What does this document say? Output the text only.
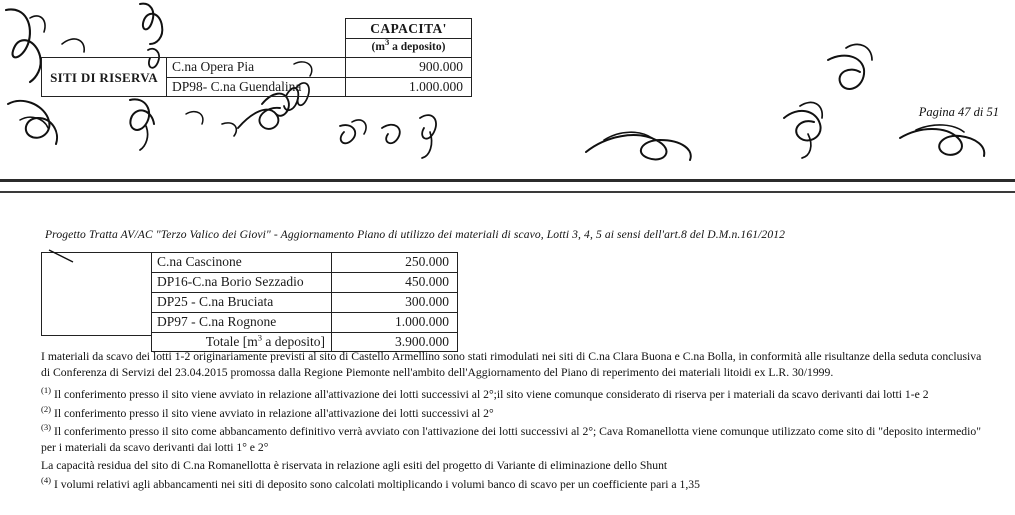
		CAPACITA'
		($m^3$ a deposito)
SITI DI RISERVA	C.na Opera Pia	900.000
	DP98- C.na Guendalina	1.000.000
Pagina 47 di 51
Progetto Tratta AV/AC "Terzo Valico dei Giovi" - Aggiornamento Piano di utilizzo dei materiali di scavo, Lotti 3, 4, 5 ai sensi dell'art.8 del D.M.n.161/2012
C.na Cascinone	250.000
DP16-C.na Borio Sezzadio	450.000
DP25 - C.na Bruciata	300.000
DP97 - C.na Rognone	1.000.000
Totale [$m^3$ a deposito]	3.900.000

I materiali da scavo dei lotti 1-2 originariamente previsti al sito di Castello Armellino sono stati rimodulati nei siti di C.na Clara Buona e C.na Bolla, in conformità alle risultanze della seduta conclusiva di Conferenza di Servizi del 23.04.2015 promossa dalla Regione Piemonte nell'ambito dell'Aggiornamento del Piano di reperimento dei materiali litoidi ex L.R. 30/1999.

$^{(1)}$ Il conferimento presso il sito viene avviato in relazione all'attivazione dei lotti successivi al 2°;il sito viene comunque considerato di riserva per i materiali da scavo derivanti dai lotti 1-e 2

$^{(2)}$ Il conferimento presso il sito viene avviato in relazione all'attivazione dei lotti successivi al 2°

$^{(3)}$ Il conferimento presso il sito come abbancamento definitivo verrà avviato con l'attivazione dei lotti successivi al 2°; Cava Romanellotta viene comunque utilizzato come sito di "deposito intermedio" per i materiali da scavo derivanti dai lotti 1° e 2°

La capacità residua del sito di C.na Romanellotta è riservata in relazione agli esiti del progetto di Variante di eliminazione dello Shunt

$^{(4)}$ I volumi relativi agli abbancamenti nei siti di deposito sono calcolati moltiplicando i volumi banco di scavo per un coefficiente pari a 1,35
